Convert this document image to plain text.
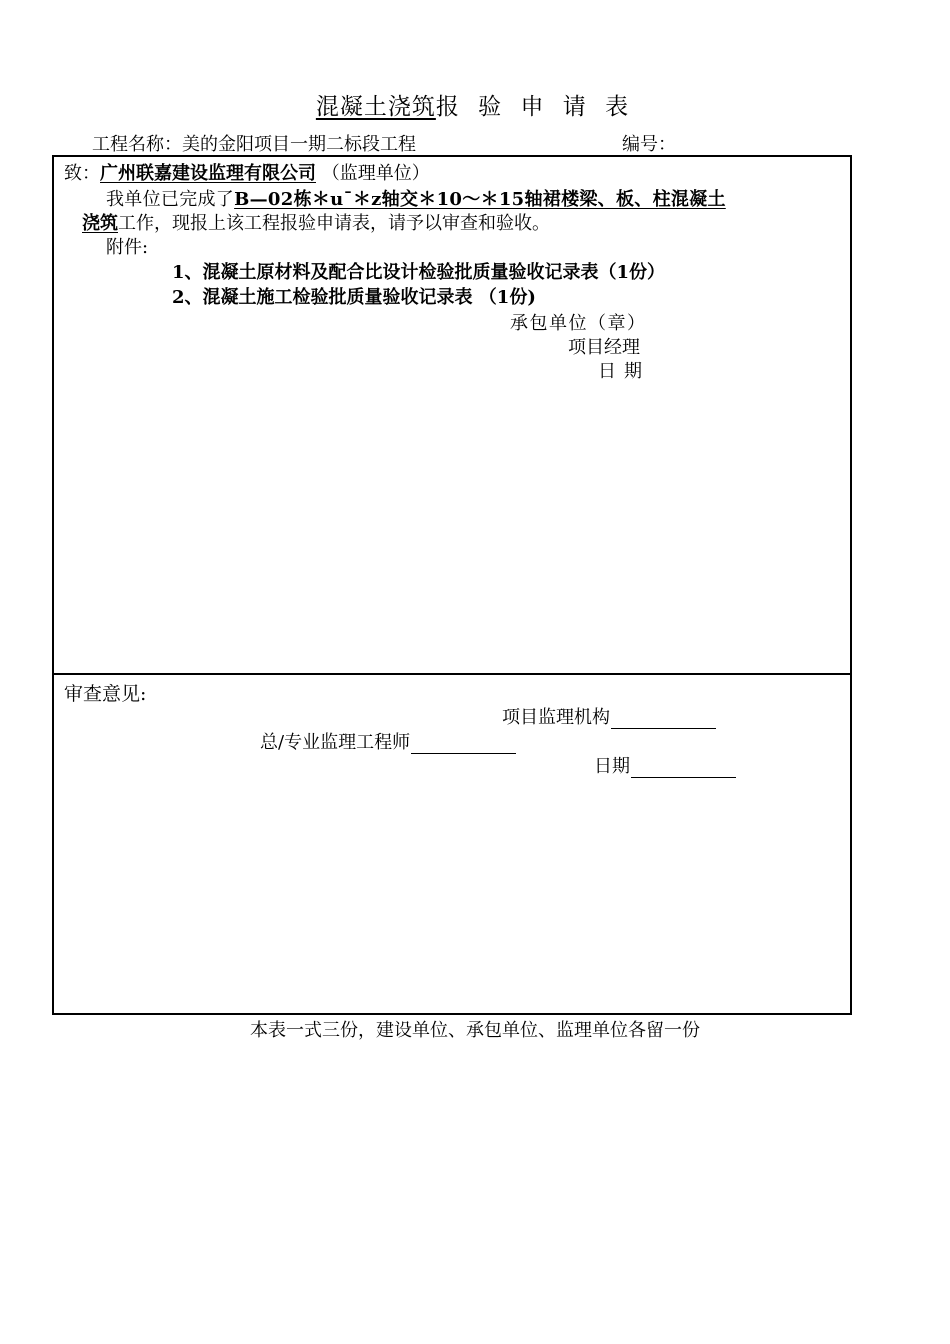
混凝土浇筑报 验 申 请 表
工程名称：美的金阳项目一期二标段工程	编号：
致：广州联嘉建设监理有限公司 （监理单位）
我单位已完成了B—02栋＊u¯＊z轴交＊10～＊15轴裙楼梁、板、柱混凝土
浇筑工作，现报上该工程报验申请表，请予以审查和验收。
附件:
1、混凝土原材料及配合比设计检验批质量验收记录表（1份）
2、混凝土施工检验批质量验收记录表 （1份)
承包单位（章）
项目经理
日期
审查意见:
项目监理机构
总/专业监理工程师
日期
本表一式三份，建设单位、承包单位、监理单位各留一份
